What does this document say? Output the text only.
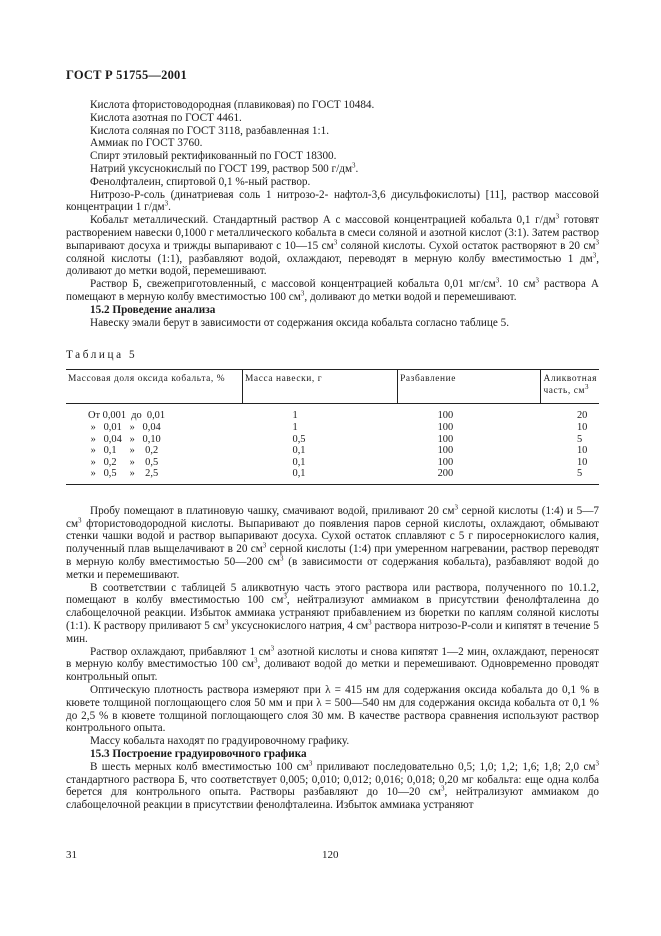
ГОСТ Р 51755—2001

Кислота фтористоводородная (плавиковая) по ГОСТ 10484.

Кислота азотная по ГОСТ 4461.

Кислота соляная по ГОСТ 3118, разбавленная 1:1.

Аммиак по ГОСТ 3760.

Спирт этиловый ректификованный по ГОСТ 18300.

Натрий уксуснокислый по ГОСТ 199, раствор 500 $г/дм^3$.

Фенолфталеин, спиртовой 0,1 %-ный раствор.

Нитрозо-Р-соль (динатриевая соль 1 нитрозо-2- нафтол-3,6 дисульфокислоты) [11], раствор массовой концентрации 1 $г/дм^3$.

Кобальт металлический. Стандартный раствор А с массовой концентрацией кобальта 0,1 $г/дм^3$ готовят растворением навески 0,1000 г металлического кобальта в смеси соляной и азотной кислот (3:1). Затем раствор выпаривают досуха и трижды выпаривают с 10—15 $см^3$ соляной кислоты. Сухой остаток растворяют в 20 $см^3$ соляной кислоты (1:1), разбавляют водой, охлаждают, переводят в мерную колбу вместимостью 1 $дм^3$, доливают до метки водой, перемешивают.

Раствор Б, свежеприготовленный, с массовой концентрацией кобальта 0,01 $мг/см^3$. 10 $см^3$ раствора А помещают в мерную колбу вместимостью 100 $см^3$, доливают до метки водой и перемешивают.

15.2 Проведение анализа

Навеску эмали берут в зависимости от содержания оксида кобальта согласно таблице 5.

Таблица 5

Массовая доля оксида кобальта, %	Масса навески, г	Разбавление	Аликвотная часть, $см^3$
От 0,001  до  0,01	1	100	20
»   0,01   »   0,04	1	100	10
»   0,04   »   0,10	0,5	100	5
»   0,1     »    0,2	0,1	100	10
»   0,2     »    0,5	0,1	100	10
»   0,5     »    2,5	0,1	200	5

Пробу помещают в платиновую чашку, смачивают водой, приливают 20 $см^3$ серной кислоты (1:4) и 5—7 $см^3$ фтористоводородной кислоты. Выпаривают до появления паров серной кислоты, охлаждают, обмывают стенки чашки водой и раствор выпаривают досуха. Сухой остаток сплавляют с 5 г пиросернокислого калия, полученный плав выщелачивают в 20 $см^3$ серной кислоты (1:4) при умеренном нагревании, раствор переводят в мерную колбу вместимостью 50—200 $см^3$ (в зависимости от содержания кобальта), разбавляют водой до метки и перемешивают.

В соответствии с таблицей 5 аликвотную часть этого раствора или раствора, полученного по 10.1.2, помещают в колбу вместимостью 100 $см^3$, нейтрализуют аммиаком в присутствии фенолфталеина до слабощелочной реакции. Избыток аммиака устраняют прибавлением из бюретки по каплям соляной кислоты (1:1). К раствору приливают 5 $см^3$ уксуснокислого натрия, 4 $см^3$ раствора нитрозо-Р-соли и кипятят в течение 5 мин.

Раствор охлаждают, прибавляют 1 $см^3$ азотной кислоты и снова кипятят 1—2 мин, охлаждают, переносят в мерную колбу вместимостью 100 $см^3$, доливают водой до метки и перемешивают. Одновременно проводят контрольный опыт.

Оптическую плотность раствора измеряют при λ = 415 нм для содержания оксида кобальта до 0,1 % в кювете толщиной поглощающего слоя 50 мм и при λ = 500—540 нм для содержания оксида кобальта от 0,1 % до 2,5 % в кювете толщиной поглощающего слоя 30 мм. В качестве раствора сравнения используют раствор контрольного опыта.

Массу кобальта находят по градуировочному графику.

15.3 Построение градуировочного графика

В шесть мерных колб вместимостью 100 $см^3$ приливают последовательно 0,5; 1,0; 1,2; 1,6; 1,8; 2,0 $см^3$ стандартного раствора Б, что соответствует 0,005; 0,010; 0,012; 0,016; 0,018; 0,20 мг кобальта: еще одна колба берется для контрольного опыта. Растворы разбавляют до 10—20 $см^3$, нейтрализуют аммиаком до слабощелочной реакции в присутствии фенолфталеина. Избыток аммиака устраняют

31	120
